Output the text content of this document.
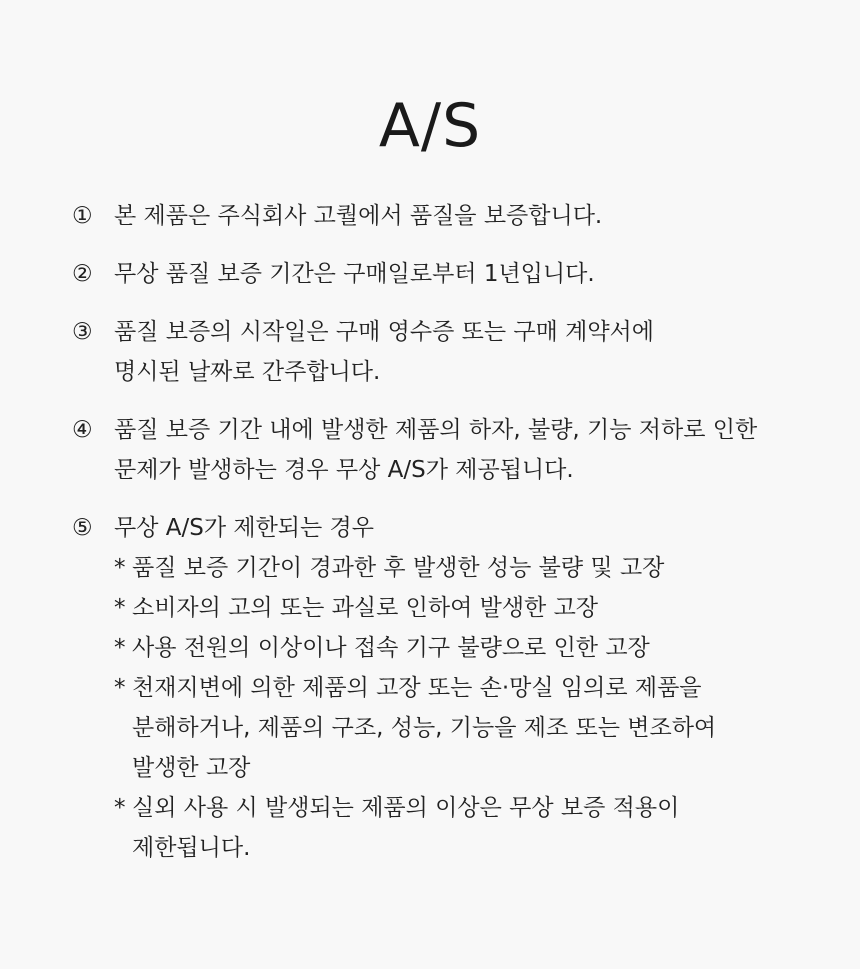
A/S
① 본 제품은 주식회사 고퀄에서 품질을 보증합니다.
② 무상 품질 보증 기간은 구매일로부터 1년입니다.
③ 품질 보증의 시작일은 구매 영수증 또는 구매 계약서에
명시된 날짜로 간주합니다.
④ 품질 보증 기간 내에 발생한 제품의 하자, 불량, 기능 저하로 인한
문제가 발생하는 경우 무상 A/S가 제공됩니다.
⑤ 무상 A/S가 제한되는 경우
* 품질 보증 기간이 경과한 후 발생한 성능 불량 및 고장
* 소비자의 고의 또는 과실로 인하여 발생한 고장
* 사용 전원의 이상이나 접속 기구 불량으로 인한 고장
* 천재지변에 의한 제품의 고장 또는 손·망실 임의로 제품을
분해하거나, 제품의 구조, 성능, 기능을 제조 또는 변조하여
발생한 고장
* 실외 사용 시 발생되는 제품의 이상은 무상 보증 적용이
제한됩니다.
